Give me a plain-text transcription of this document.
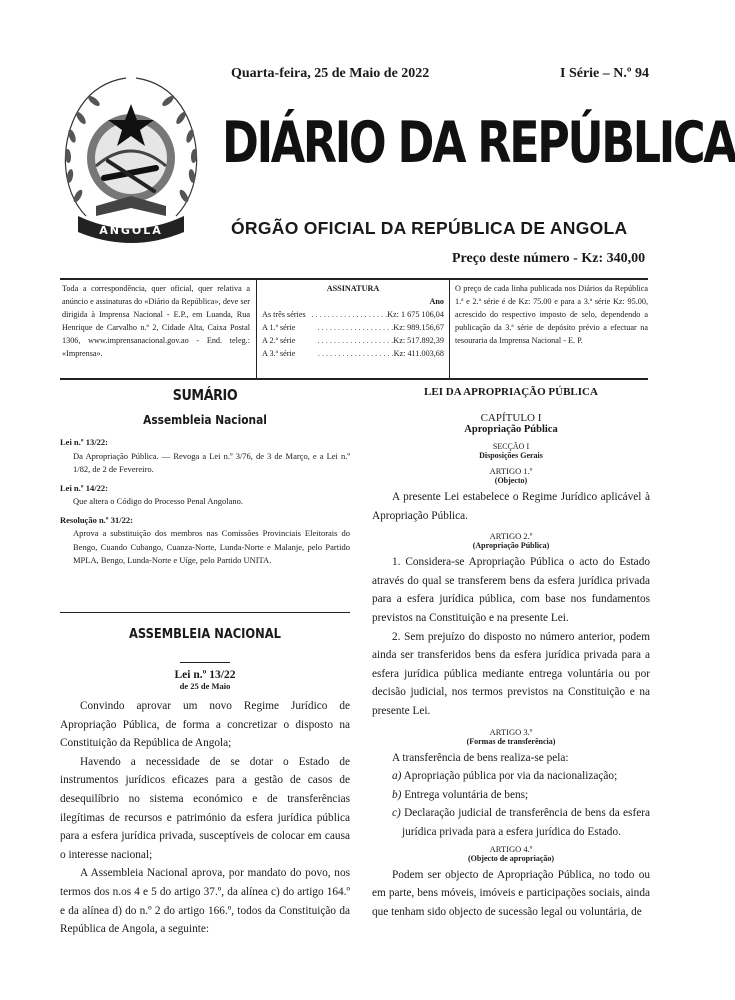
Quarta-feira, 25 de Maio de 2022	I Série – N.º 94
República de
ANGOLA
DIÁRIO DA REPÚBLICA
ÓRGÃO OFICIAL DA REPÚBLICA DE ANGOLA
Preço deste número - Kz: 340,00
Toda a correspondência, quer oficial, quer relativa a anúncio e assinaturas do «Diário da República», deve ser dirigida à Imprensa Nacional - E.P., em Luanda, Rua Henrique de Carvalho n.º 2, Cidade Alta, Caixa Postal 1306, www.imprensanacional.gov.ao - End. teleg.: «Imprensa».
ASSINATURA
Ano
As três séries . . . . . . . . . . . . . . . . . . . Kz: 1 675 106,04
A 1.ª série	. . . . . . . . . . . . . . . . . . . Kz: 989.156,67
A 2.ª série	. . . . . . . . . . . . . . . . . . . Kz: 517.892,39
A 3.ª série	. . . . . . . . . . . . . . . . . . . Kz: 411.003,68
O preço de cada linha publicada nos Diários da República 1.ª e 2.ª série é de Kz: 75.00 e para a 3.ª série Kz: 95.00, acrescido do respectivo imposto de selo, dependendo a publicação da 3.ª série de depósito prévio a efectuar na tesouraria da Imprensa Nacional - E. P.
SUMÁRIO
Assembleia Nacional
Lei n.º 13/22:
Da Apropriação Pública. — Revoga a Lei n.º 3/76, de 3 de Março, e a Lei n.º 1/82, de 2 de Fevereiro.
Lei n.º 14/22:
Que altera o Código do Processo Penal Angolano.
Resolução n.º 31/22:
Aprova a substituição dos membros nas Comissões Provinciais Eleitorais do Bengo, Cuando Cubango, Cuanza-Norte, Lunda-Norte e Malanje, pelo Partido MPLA, Bengo, Lunda-Norte e Uíge, pelo Partido UNITA.
ASSEMBLEIA NACIONAL
Lei n.º 13/22
de 25 de Maio

Convindo aprovar um novo Regime Jurídico de Apropriação Pública, de forma a concretizar o disposto na Constituição da República de Angola;

Havendo a necessidade de se dotar o Estado de instrumentos jurídicos eficazes para a gestão de casos de desequilíbrio no sistema económico e de transferências ilegítimas de recursos e património da esfera jurídica pública para a esfera jurídica privada, susceptíveis de colocar em causa o interesse nacional;

A Assembleia Nacional aprova, por mandato do povo, nos termos dos n.os 4 e 5 do artigo 37.º, da alínea c) do artigo 164.º e da alínea d) do n.º 2 do artigo 166.º, todos da Constituição da República de Angola, a seguinte:

LEI DA APROPRIAÇÃO PÚBLICA
CAPÍTULO I
Apropriação Pública
SECÇÃO I
Disposições Gerais
ARTIGO 1.º
(Objecto)

A presente Lei estabelece o Regime Jurídico aplicável à Apropriação Pública.

ARTIGO 2.º
(Apropriação Pública)

1. Considera-se Apropriação Pública o acto do Estado através do qual se transferem bens da esfera jurídica privada para a esfera jurídica pública, com base nos fundamentos previstos na Constituição e na presente Lei.

2. Sem prejuízo do disposto no número anterior, podem ainda ser transferidos bens da esfera jurídica privada para a esfera jurídica pública mediante entrega voluntária ou por decisão judicial, nos termos previstos na Constituição e na presente Lei.

ARTIGO 3.º
(Formas de transferência)

A transferência de bens realiza-se pela:

a) Apropriação pública por via da nacionalização;
b) Entrega voluntária de bens;
c) Declaração judicial de transferência de bens da esfera jurídica privada para a esfera jurídica do Estado.
ARTIGO 4.º
(Objecto de apropriação)

Podem ser objecto de Apropriação Pública, no todo ou em parte, bens móveis, imóveis e participações sociais, ainda que tenham sido objecto de sucessão legal ou voluntária, de
